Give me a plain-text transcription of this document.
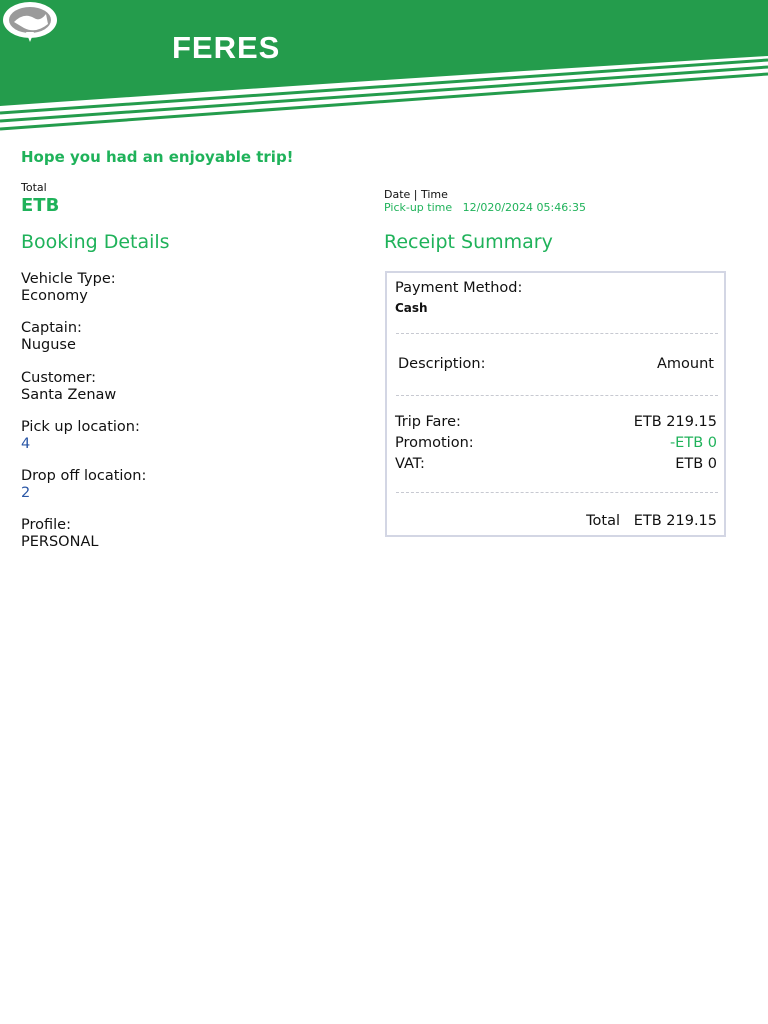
FERES
Hope you had an enjoyable trip!
Total
ETB
Date | Time
Pick-up time 12/020/2024 05:46:35
Booking Details	Receipt Summary
Vehicle Type:
Economy
Captain:
Nuguse
Customer:
Santa Zenaw
Pick up location:
4
Drop off location:
2
Profile:
PERSONAL
Payment Method:
Cash
Description:	Amount
Trip Fare:	ETB 219.15
Promotion:	-ETB 0
VAT:	ETB 0
Total ETB 219.15
